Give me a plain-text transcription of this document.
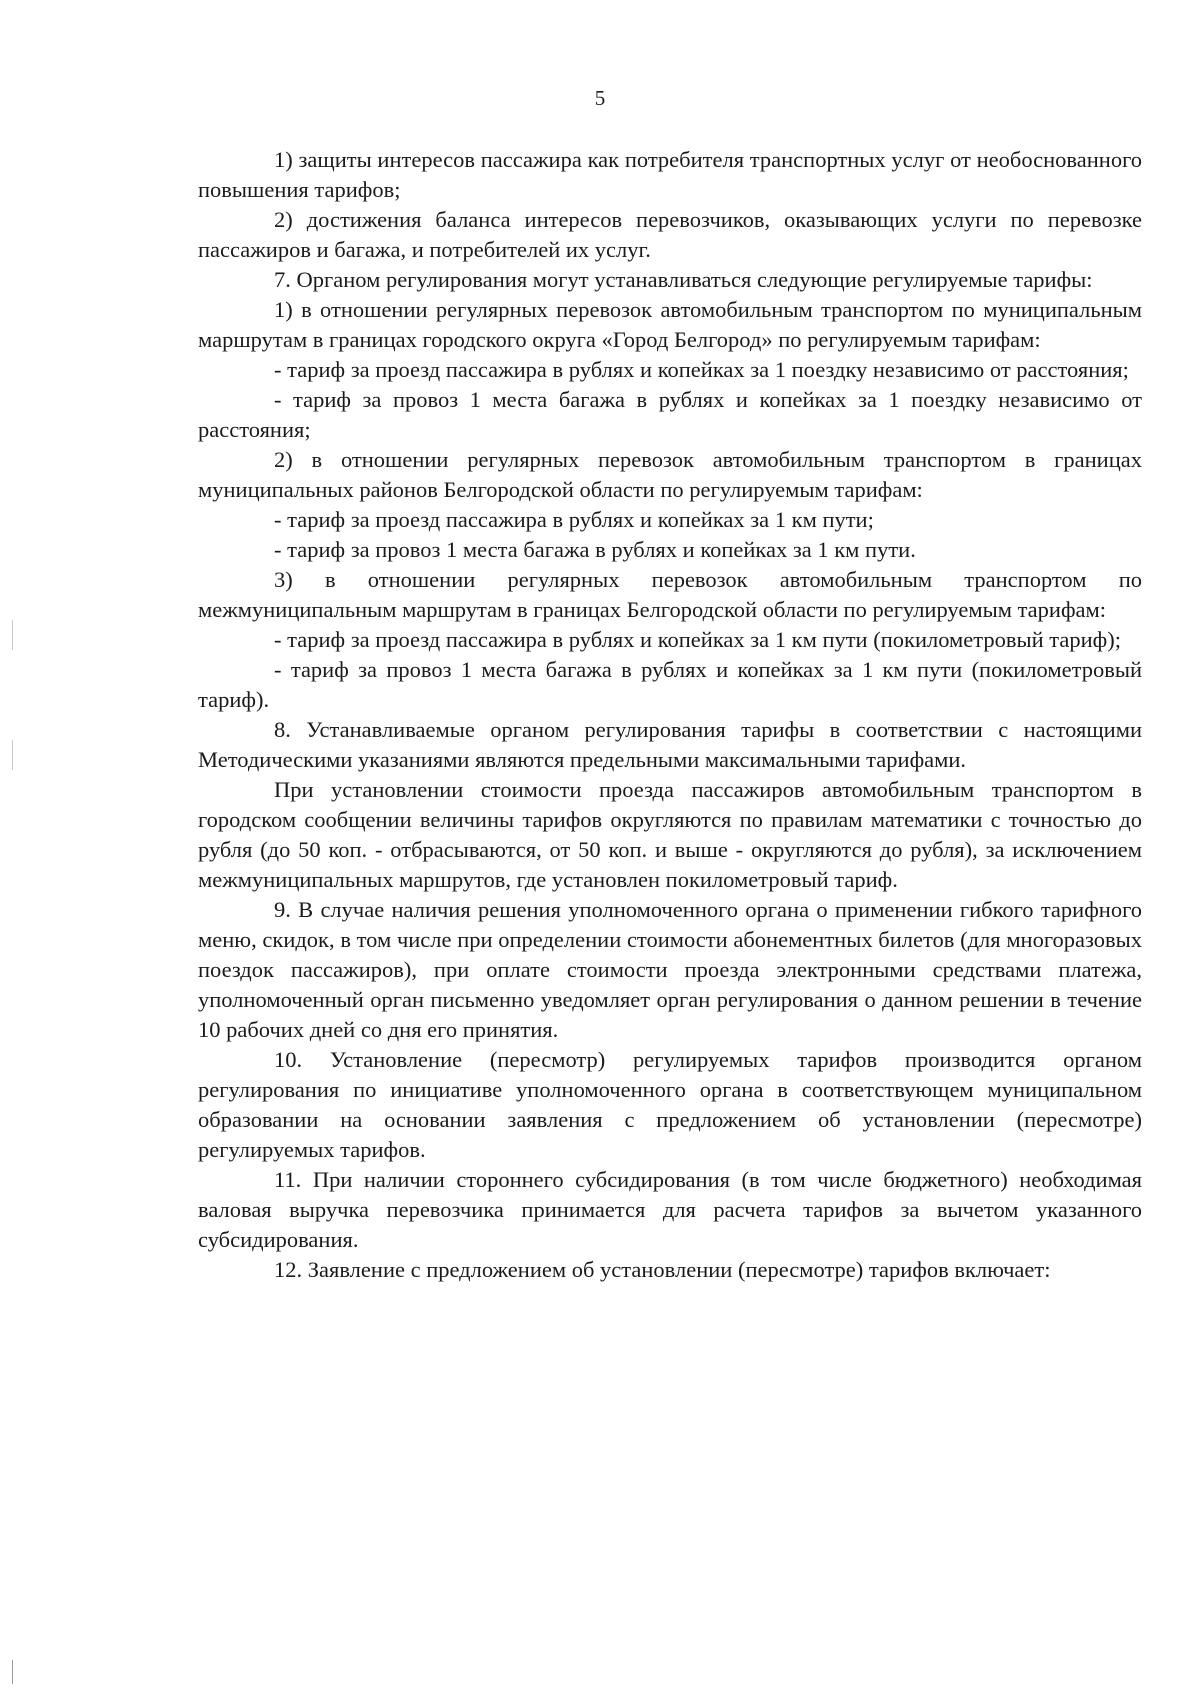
5

1) защиты интересов пассажира как потребителя транспортных услуг от необоснованного повышения тарифов;

2) достижения баланса интересов перевозчиков, оказывающих услуги по перевозке пассажиров и багажа, и потребителей их услуг.

7. Органом регулирования могут устанавливаться следующие регулируемые тарифы:

1) в отношении регулярных перевозок автомобильным транспортом по муниципальным маршрутам в границах городского округа «Город Белгород» по регулируемым тарифам:

- тариф за проезд пассажира в рублях и копейках за 1 поездку независимо от расстояния;

- тариф за провоз 1 места багажа в рублях и копейках за 1 поездку независимо от расстояния;

2) в отношении регулярных перевозок автомобильным транспортом в границах муниципальных районов Белгородской области по регулируемым тарифам:

- тариф за проезд пассажира в рублях и копейках за 1 км пути;

- тариф за провоз 1 места багажа в рублях и копейках за 1 км пути.

3) в отношении регулярных перевозок автомобильным транспортом по межмуниципальным маршрутам в границах Белгородской области по регулируемым тарифам:

- тариф за проезд пассажира в рублях и копейках за 1 км пути (покилометровый тариф);

- тариф за провоз 1 места багажа в рублях и копейках за 1 км пути (покилометровый тариф).

8. Устанавливаемые органом регулирования тарифы в соответствии с настоящими Методическими указаниями являются предельными максимальными тарифами.

При установлении стоимости проезда пассажиров автомобильным транспортом в городском сообщении величины тарифов округляются по правилам математики с точностью до рубля (до 50 коп. - отбрасываются, от 50 коп. и выше - округляются до рубля), за исключением межмуниципальных маршрутов, где установлен покилометровый тариф.

9. В случае наличия решения уполномоченного органа о применении гибкого тарифного меню, скидок, в том числе при определении стоимости абонементных билетов (для многоразовых поездок пассажиров), при оплате стоимости проезда электронными средствами платежа, уполномоченный орган письменно уведомляет орган регулирования о данном решении в течение 10 рабочих дней со дня его принятия.

10. Установление (пересмотр) регулируемых тарифов производится органом регулирования по инициативе уполномоченного органа в соответствующем муниципальном образовании на основании заявления с предложением об установлении (пересмотре) регулируемых тарифов.

11. При наличии стороннего субсидирования (в том числе бюджетного) необходимая валовая выручка перевозчика принимается для расчета тарифов за вычетом указанного субсидирования.

12. Заявление с предложением об установлении (пересмотре) тарифов включает:
